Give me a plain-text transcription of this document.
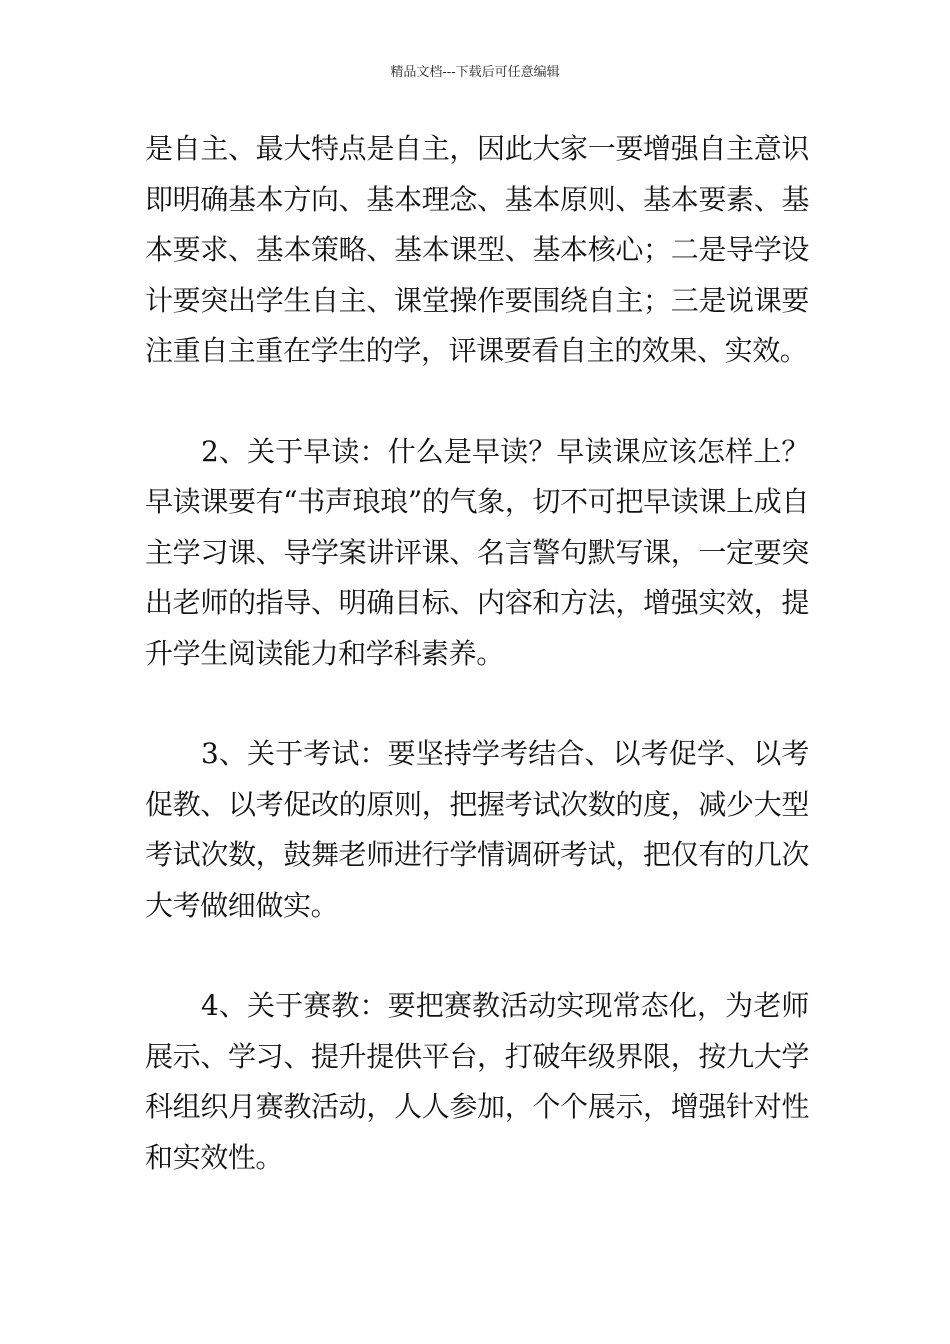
精品文档---下载后可任意编辑

是自主、最大特点是自主，因此大家一要增强自主意识即明确基本方向、基本理念、基本原则、基本要素、基本要求、基本策略、基本课型、基本核心；二是导学设计要突出学生自主、课堂操作要围绕自主；三是说课要注重自主重在学生的学，评课要看自主的效果、实效。

2、关于早读：什么是早读？早读课应该怎样上？早读课要有“书声琅琅”的气象，切不可把早读课上成自主学习课、导学案讲评课、名言警句默写课，一定要突出老师的指导、明确目标、内容和方法，增强实效，提升学生阅读能力和学科素养。

3、关于考试：要坚持学考结合、以考促学、以考促教、以考促改的原则，把握考试次数的度，减少大型考试次数，鼓舞老师进行学情调研考试，把仅有的几次大考做细做实。

4、关于赛教：要把赛教活动实现常态化，为老师展示、学习、提升提供平台，打破年级界限，按九大学科组织月赛教活动，人人参加，个个展示，增强针对性和实效性。
